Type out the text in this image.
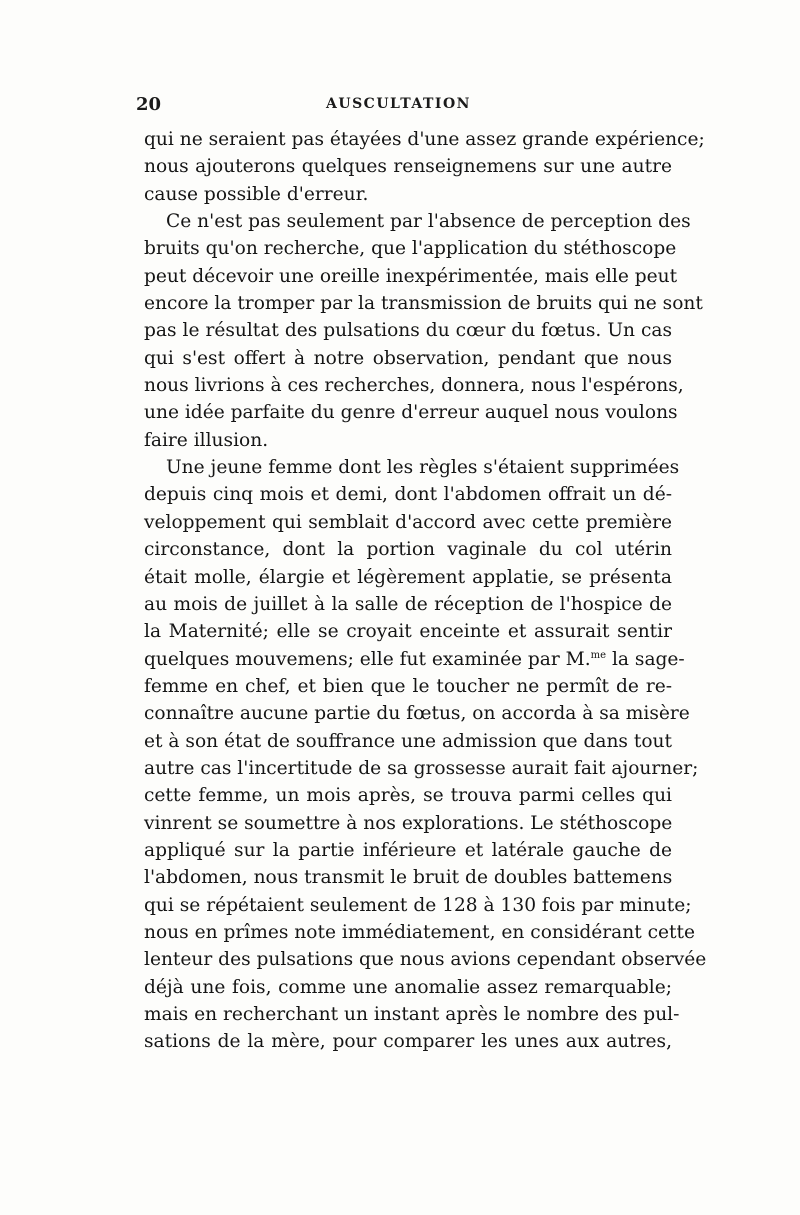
20	AUSCULTATION
qui ne seraient pas étayées d'une assez grande expérience;
nous ajouterons quelques renseignemens sur une autre
cause possible d'erreur.
Ce n'est pas seulement par l'absence de perception des
bruits qu'on recherche, que l'application du stéthoscope
peut décevoir une oreille inexpérimentée, mais elle peut
encore la tromper par la transmission de bruits qui ne sont
pas le résultat des pulsations du cœur du fœtus. Un cas
qui s'est offert à notre observation, pendant que nous
nous livrions à ces recherches, donnera, nous l'espérons,
une idée parfaite du genre d'erreur auquel nous voulons
faire illusion.
Une jeune femme dont les règles s'étaient supprimées
depuis cinq mois et demi, dont l'abdomen offrait un dé-
veloppement qui semblait d'accord avec cette première
circonstance, dont la portion vaginale du col utérin
était molle, élargie et légèrement applatie, se présenta
au mois de juillet à la salle de réception de l'hospice de
la Maternité; elle se croyait enceinte et assurait sentir
quelques mouvemens; elle fut examinée par M.$^{me}$ la sage-
femme en chef, et bien que le toucher ne permît de re-
connaître aucune partie du fœtus, on accorda à sa misère
et à son état de souffrance une admission que dans tout
autre cas l'incertitude de sa grossesse aurait fait ajourner;
cette femme, un mois après, se trouva parmi celles qui
vinrent se soumettre à nos explorations. Le stéthoscope
appliqué sur la partie inférieure et latérale gauche de
l'abdomen, nous transmit le bruit de doubles battemens
qui se répétaient seulement de 128 à 130 fois par minute;
nous en prîmes note immédiatement, en considérant cette
lenteur des pulsations que nous avions cependant observée
déjà une fois, comme une anomalie assez remarquable;
mais en recherchant un instant après le nombre des pul-
sations de la mère, pour comparer les unes aux autres,
